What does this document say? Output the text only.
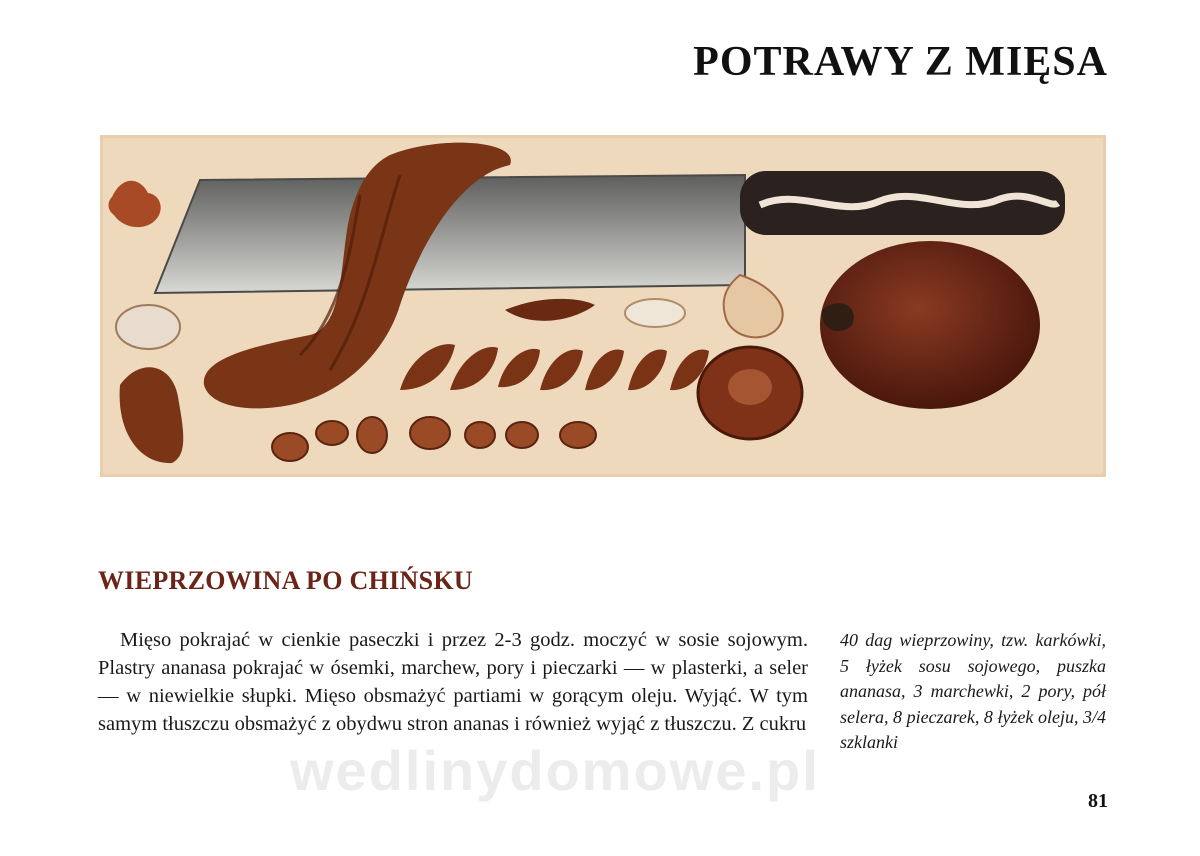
POTRAWY Z MIĘSA
WIEPRZOWINA PO CHIŃSKU

Mięso pokrajać w cienkie paseczki i przez 2-3 godz. moczyć w sosie sojowym. Plastry ananasa pokrajać w ósemki, marchew, pory i pieczarki — w plasterki, a seler — w niewielkie słupki. Mięso obsmażyć partiami w gorącym oleju. Wyjąć. W tym samym tłuszczu obsmażyć z obydwu stron ananas i również wyjąć z tłuszczu. Z cukru

40 dag wieprzowiny, tzw. karkówki, 5 łyżek sosu sojowego, puszka ananasa, 3 marchewki, 2 pory, pół selera, 8 pieczarek, 8 łyżek oleju, 3/4 szklanki

wedlinydomowe.pl	81
